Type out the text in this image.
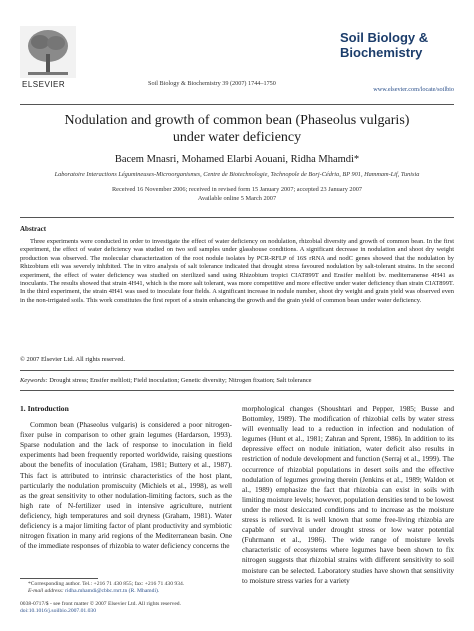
ELSEVIER	Soil Biology & Biochemistry 39 (2007) 1744–1750
Soil Biology &
Biochemistry
www.elsevier.com/locate/soilbio
Nodulation and growth of common bean (Phaseolus vulgaris)
under water deficiency
Bacem Mnasri, Mohamed Elarbi Aouani, Ridha Mhamdi*
Laboratoire Interactions Légumineuses-Microorganismes, Centre de Biotechnologie, Technopole de Borj-Cédria, BP 901, Hammam-Lif, Tunisia
Received 16 November 2006; received in revised form 15 January 2007; accepted 23 January 2007
Available online 5 March 2007
Abstract
Three experiments were conducted in order to investigate the effect of water deficiency on nodulation, rhizobial diversity and growth of common bean. In the first experiment, the effect of water deficiency was studied on two soil samples under glasshouse conditions. A significant decrease in nodulation and shoot dry weight production was observed. The molecular characterization of the root nodule isolates by PCR-RFLP of 16S rRNA and nodC genes showed that the nodulation by Rhizobium etli was severely inhibited. The in vitro analysis of salt tolerance indicated that drought stress favoured nodulation by salt-tolerant strains. In the second experiment, the effect of water deficiency was studied on sterilized sand using Rhizobium tropici CIAT899T and Ensifer meliloti bv. mediterranense 4H41 as inoculants. The results showed that strain 4H41, which is the more salt tolerant, was more competitive and more effective under water deficiency than strain CIAT899T. In the third experiment, the strain 4H41 was used to inoculate four fields. A significant increase in nodule number, shoot dry weight and grain yield was observed even in the non-irrigated soils. This work constitutes the first report of a strain enhancing the growth and the grain yield of common bean under water deficiency.
© 2007 Elsevier Ltd. All rights reserved.
Keywords: Drought stress; Ensifer meliloti; Field inoculation; Genetic diversity; Nitrogen fixation; Salt tolerance
1. Introduction

Common bean (Phaseolus vulgaris) is considered a poor nitrogen-fixer pulse in comparison to other grain legumes (Hardarson, 1993). Sparse nodulation and the lack of response to inoculation in field experiments had been frequently reported worldwide, raising questions about the benefits of inoculation (Graham, 1981; Buttery et al., 1987). This fact is attributed to intrinsic characteristics of the host plant, particularly the nodulation promiscuity (Michiels et al., 1998), as well as the great sensitivity to other nodulation-limiting factors, such as the high rate of N-fertilizer used in intensive agriculture, nutrient deficiency, high temperatures and soil dryness (Graham, 1981). Water deficiency is a major limiting factor of plant productivity and symbiotic nitrogen fixation in many arid regions of the Mediterranean basin. One of the immediate responses of rhizobia to water deficiency concerns the

morphological changes (Shoushtari and Pepper, 1985; Busse and Bottomley, 1989). The modification of rhizobial cells by water stress will eventually lead to a reduction in infection and nodulation of legumes (Hunt et al., 1981; Zahran and Sprent, 1986). In addition to its depressive effect on nodule initiation, water deficit also results in restriction of nodule development and function (Serraj et al., 1999). The occurrence of rhizobial populations in desert soils and the effective nodulation of legumes growing therein (Jenkins et al., 1989; Waldon et al., 1989) emphasize the fact that rhizobia can exist in soils with limiting moisture levels; however, population densities tend to be lowest under the most desiccated conditions and to increase as the moisture stress is relieved. It is well known that some free-living rhizobia are capable of survival under drought stress or low water potential (Fuhrmann et al., 1986). The wide range of moisture levels characteristic of ecosystems where legumes have been shown to fix nitrogen suggests that rhizobial strains with different sensitivity to soil moisture can be selected. Laboratory studies have shown that sensitivity to moisture stress varies for a variety

*Corresponding author. Tel.: +216 71 430 855; fax: +216 71 430 934.
E-mail address: ridha.mhamdi@cbbc.rnrt.tn (R. Mhamdi).
0038-0717/$ - see front matter © 2007 Elsevier Ltd. All rights reserved.
doi:10.1016/j.soilbio.2007.01.030
